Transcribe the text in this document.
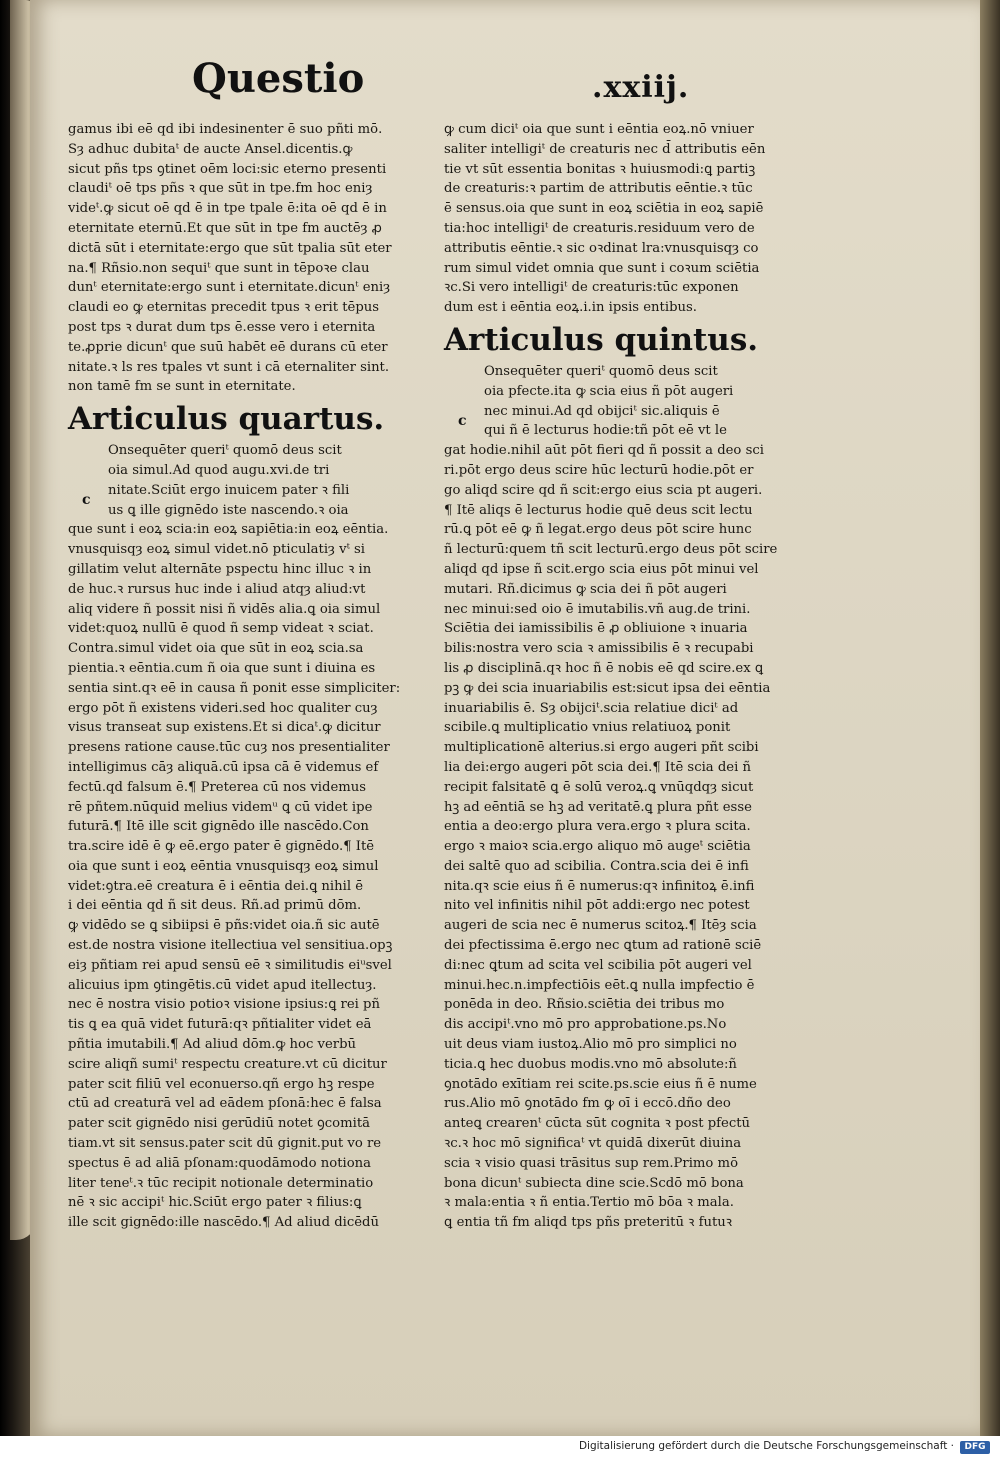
Questio	.xxiij.
gamus ibi eē qd ibi indesinenter ē suo pñti mō.
Sȝ adhuc dubitaᵗ de aucte Ansel.dicentis.ꝙ
sicut pñs tps ꝯtinet oēm loci:sic eterno presenti
claudiᵗ oē tps pñs ꝛ que sūt in tpe.fm hoc eniȝ
videᵗ.ꝙ sicut oē qd ē in tpe tpale ē:ita oē qd ē in
eternitate eternū.Et que sūt in tpe fm auctēȝ ꝓ
dictā sūt i eternitate:ergo que sūt tpalia sūt eter
na.¶ Rñsio.non sequiᵗ que sunt in tēpoꝛe clau
dunᵗ eternitate:ergo sunt i eternitate.dicunᵗ eniȝ
claudi eo ꝙ eternitas precedit tpus ꝛ erit tēpus
post tps ꝛ durat dum tps ē.esse vero i eternita
te.ꝓprie dicunᵗ que suū habēt eē durans cū eter
nitate.ꝛ ls res tpales vt sunt i cā eternaliter sint.
non tamē fm se sunt in eternitate.
Articulus quartus.
c
Onsequēter queriᵗ quomō deus scit
oia simul.Ad quod augu.xvi.de tri
nitate.Sciūt ergo inuicem pater ꝛ fili
us ꝗ ille gignēdo iste nascendo.ꝛ oia
que sunt i eoꝝ scia:in eoꝝ sapiētia:in eoꝝ eēntia.
vnusquisqȝ eoꝝ simul videt.nō pticulatiȝ vᵗ si
gillatim velut alternāte pspectu hinc illuc ꝛ in
de huc.ꝛ rursus huc inde i aliud atqȝ aliud:vt
aliq videre ñ possit nisi ñ vidēs alia.ꝗ oia simul
videt:quoꝝ nullū ē quod ñ semp videat ꝛ sciat.
Contra.simul videt oia que sūt in eoꝝ scia.sa
pientia.ꝛ eēntia.cum ñ oia que sunt i diuina es
sentia sint.qꝛ eē in causa ñ ponit esse simpliciter:
ergo pōt ñ existens videri.sed hoc qualiter cuȝ
visus transeat sup existens.Et si dicaᵗ.ꝙ dicitur
presens ratione cause.tūc cuȝ nos presentialiter
intelligimus cāȝ aliquā.cū ipsa cā ē videmus ef
fectū.qd falsum ē.¶ Preterea cū nos videmus
rē pñtem.nūquid melius videmᵘ ꝗ cū videt ipe
futurā.¶ Itē ille scit gignēdo ille nascēdo.Con
tra.scire idē ē ꝙ eē.ergo pater ē gignēdo.¶ Itē
oia que sunt i eoꝝ eēntia vnusquisqȝ eoꝝ simul
videt:ꝯtra.eē creatura ē i eēntia dei.ꝗ nihil ē
i dei eēntia qd ñ sit deus. Rñ.ad primū dōm.
ꝙ vidēdo se ꝗ sibiipsi ē pñs:videt oia.ñ sic autē
est.de nostra visione itellectiua vel sensitiua.opꝫ
eiȝ pñtiam rei apud sensū eē ꝛ similitudis eiᵘsvel
alicuius ipm ꝯtingētis.cū videt apud itellectuȝ.
nec ē nostra visio potioꝛ visione ipsius:ꝗ rei pñ
tis ꝗ ea quā videt futurā:qꝛ pñtialiter videt eā
pñtia imutabili.¶ Ad aliud dōm.ꝙ hoc verbū
scire aliqñ sumiᵗ respectu creature.vt cū dicitur
pater scit filiū vel econuerso.qñ ergo hꝫ respe
ctū ad creaturā vel ad eādem pſonā:hec ē falsa
pater scit gignēdo nisi gerūdiū notet ꝯcomitā
tiam.vt sit sensus.pater scit dū gignit.put vo re
spectus ē ad aliā pſonam:quodāmodo notiona
liter teneᵗ.ꝛ tūc recipit notionale determinatio
nē ꝛ sic accipiᵗ hic.Sciūt ergo pater ꝛ filius:ꝗ
ille scit gignēdo:ille nascēdo.¶ Ad aliud dicēdū
ꝙ cum diciᵗ oia que sunt i eēntia eoꝝ.nō vniuer
saliter intelligiᵗ de creaturis nec d̄ attributis eēn
tie vt sūt essentia bonitas ꝛ huiusmodi:ꝗ partiꝫ
de creaturis:ꝛ partim de attributis eēntie.ꝛ tūc
ē sensus.oia que sunt in eoꝝ sciētia in eoꝝ sapiē
tia:hoc intelligiᵗ de creaturis.residuum vero de
attributis eēntie.ꝛ sic oꝛdinat lra:vnusquisqȝ co
rum simul videt omnia que sunt i coꝛum sciētia
ꝛc.Si vero intelligiᵗ de creaturis:tūc exponen
dum est i eēntia eoꝝ.i.in ipsis entibus.
Articulus quintus.
c
Onsequēter queriᵗ quomō deus scit
oia pfecte.ita ꝙ scia eius ñ pōt augeri
nec minui.Ad qd obijciᵗ sic.aliquis ē
qui ñ ē lecturus hodie:tñ pōt eē vt le
gat hodie.nihil aūt pōt fieri qd ñ possit a deo sci
ri.pōt ergo deus scire hūc lecturū hodie.pōt er
go aliqd scire qd ñ scit:ergo eius scia pt augeri.
¶ Itē aliqs ē lecturus hodie quē deus scit lectu
rū.ꝗ pōt eē ꝙ ñ legat.ergo deus pōt scire hunc
ñ lecturū:quem tñ scit lecturū.ergo deus pōt scire
aliqd qd ipse ñ scit.ergo scia eius pōt minui vel
mutari. Rñ.dicimus ꝙ scia dei ñ pōt augeri
nec minui:sed oio ē imutabilis.vñ aug.de trini.
Sciētia dei iamissibilis ē ꝓ obliuione ꝛ inuaria
bilis:nostra vero scia ꝛ amissibilis ē ꝛ recupabi
lis ꝓ disciplinā.qꝛ hoc ñ ē nobis eē qd scire.ex ꝗ
pꝫ ꝙ dei scia inuariabilis est:sicut ipsa dei eēntia
inuariabilis ē. Sȝ obijciᵗ.scia relatiue diciᵗ ad
scibile.ꝗ multiplicatio vnius relatiuoꝝ ponit
multiplicationē alterius.si ergo augeri pñt scibi
lia dei:ergo augeri pōt scia dei.¶ Itē scia dei ñ
recipit falsitatē ꝗ ē solū veroꝝ.ꝗ vnūqdqȝ sicut
hꝫ ad eēntiā se hꝫ ad veritatē.ꝗ plura pñt esse
entia a deo:ergo plura vera.ergo ꝛ plura scita.
ergo ꝛ maioꝛ scia.ergo aliquo mō augeᵗ sciētia
dei saltē quo ad scibilia. Contra.scia dei ē infi
nita.qꝛ scie eius ñ ē numerus:qꝛ infinitoꝝ ē.infi
nito vel infinitis nihil pōt addi:ergo nec potest
augeri de scia nec ē numerus scitoꝝ.¶ Itēȝ scia
dei pfectissima ē.ergo nec ꝗtum ad rationē sciē
di:nec ꝗtum ad scita vel scibilia pōt augeri vel
minui.hec.n.impfectiōis eēt.ꝗ nulla impfectio ē
ponēda in deo. Rñsio.sciētia dei tribus mo
dis accipiᵗ.vno mō pro approbatione.ps.No
uit deus viam iustoꝝ.Alio mō pro simplici no
ticia.ꝗ hec duobus modis.vno mō absolute:ñ
ꝯnotādo exītiam rei scite.ps.scie eius ñ ē nume
rus.Alio mō ꝯnotādo fm ꝙ oī i eccō.dño deo
anteꝗ crearenᵗ cūcta sūt cognita ꝛ post pfectū
ꝛc.ꝛ hoc mō significaᵗ vt quidā dixerūt diuina
scia ꝛ visio quasi trāsitus sup rem.Primo mō
bona dicunᵗ subiecta dine scie.Scdō mō bona
ꝛ mala:entia ꝛ ñ entia.Tertio mō bōa ꝛ mala.
ꝗ entia tñ fm aliqd tps pñs preteritū ꝛ futuꝛ
Digitalisierung gefördert durch die Deutsche Forschungsgemeinschaft ·	DFG
